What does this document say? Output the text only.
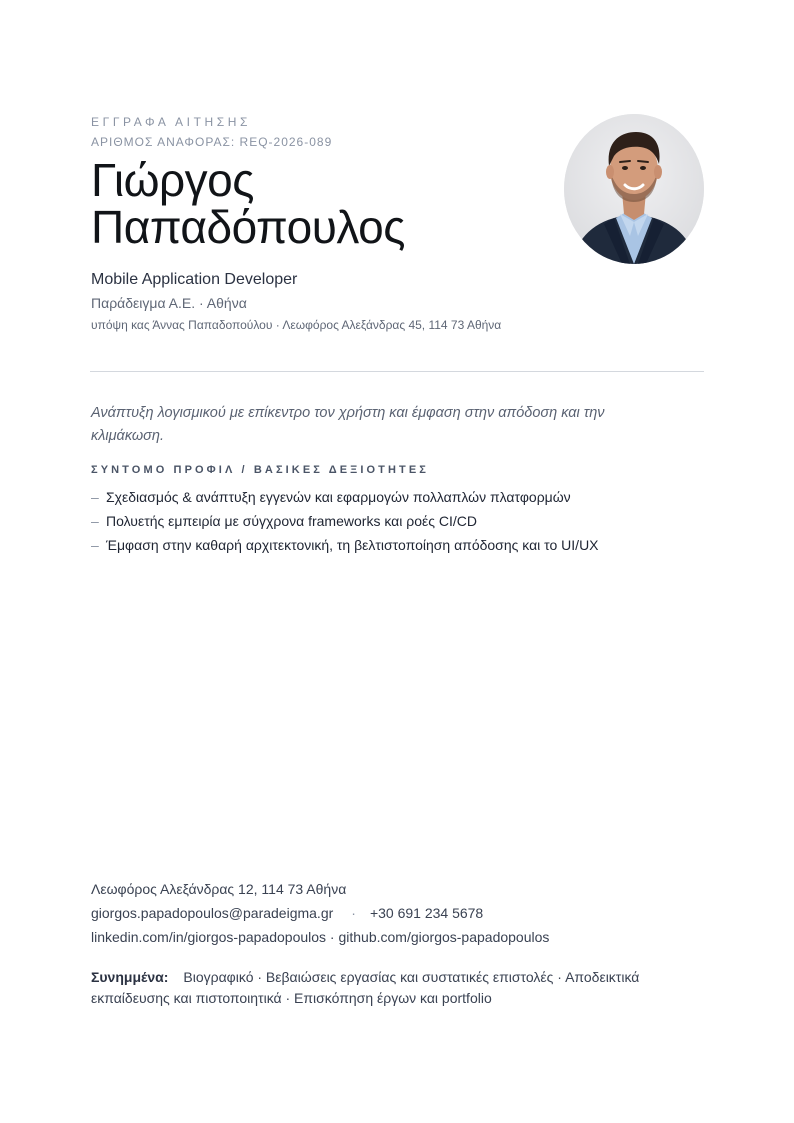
ΕΓΓΡΑΦΑ ΑΙΤΗΣΗΣ
ΑΡΙΘΜΟΣ ΑΝΑΦΟΡΑΣ: REQ-2026-089
Γιώργος
Παπαδόπουλος
Mobile Application Developer
Παράδειγμα Α.Ε. · Αθήνα
υπόψη κας Άννας Παπαδοπούλου · Λεωφόρος Αλεξάνδρας 45, 114 73 Αθήνα
Ανάπτυξη λογισμικού με επίκεντρο τον χρήστη και έμφαση στην απόδοση και την κλιμάκωση.
ΣΥΝΤΟΜΟ ΠΡΟΦΙΛ / ΒΑΣΙΚΕΣ ΔΕΞΙΟΤΗΤΕΣ
– Σχεδιασμός & ανάπτυξη εγγενών και εφαρμογών πολλαπλών πλατφορμών
– Πολυετής εμπειρία με σύγχρονα frameworks και ροές CI/CD
– Έμφαση στην καθαρή αρχιτεκτονική, τη βελτιστοποίηση απόδοσης και το UI/UX
Λεωφόρος Αλεξάνδρας 12, 114 73 Αθήνα
giorgos.papadopoulos@paradeigma.gr · +30 691 234 5678
linkedin.com/in/giorgos-papadopoulos · github.com/giorgos-papadopoulos
Συνημμένα: Βιογραφικό · Βεβαιώσεις εργασίας και συστατικές επιστολές · Αποδεικτικά εκπαίδευσης και πιστοποιητικά · Επισκόπηση έργων και portfolio
